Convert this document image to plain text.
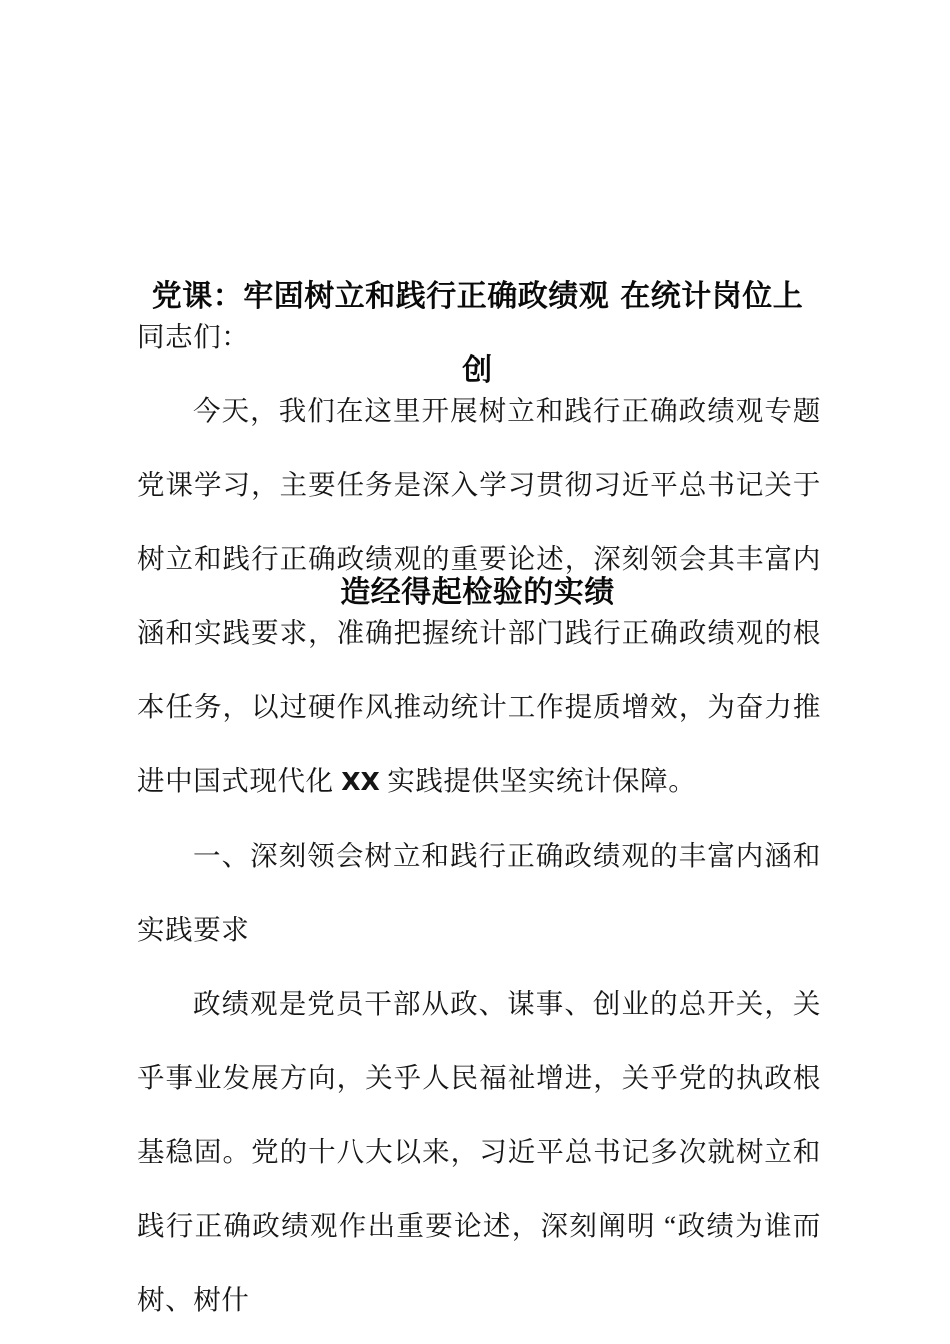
党课：牢固树立和践行正确政绩观 在统计岗位上创

造经得起检验的实绩

同志们：

今天，我们在这里开展树立和践行正确政绩观专题党课学习，主要任务是深入学习贯彻习近平总书记关于树立和践行正确政绩观的重要论述，深刻领会其丰富内涵和实践要求，准确把握统计部门践行正确政绩观的根本任务，以过硬作风推动统计工作提质增效，为奋力推进中国式现代化 XX 实践提供坚实统计保障。

一、深刻领会树立和践行正确政绩观的丰富内涵和实践要求

政绩观是党员干部从政、谋事、创业的总开关，关乎事业发展方向，关乎人民福祉增进，关乎党的执政根基稳固。党的十八大以来，习近平总书记多次就树立和践行正确政绩观作出重要论述，深刻阐明 “政绩为谁而树、树什
